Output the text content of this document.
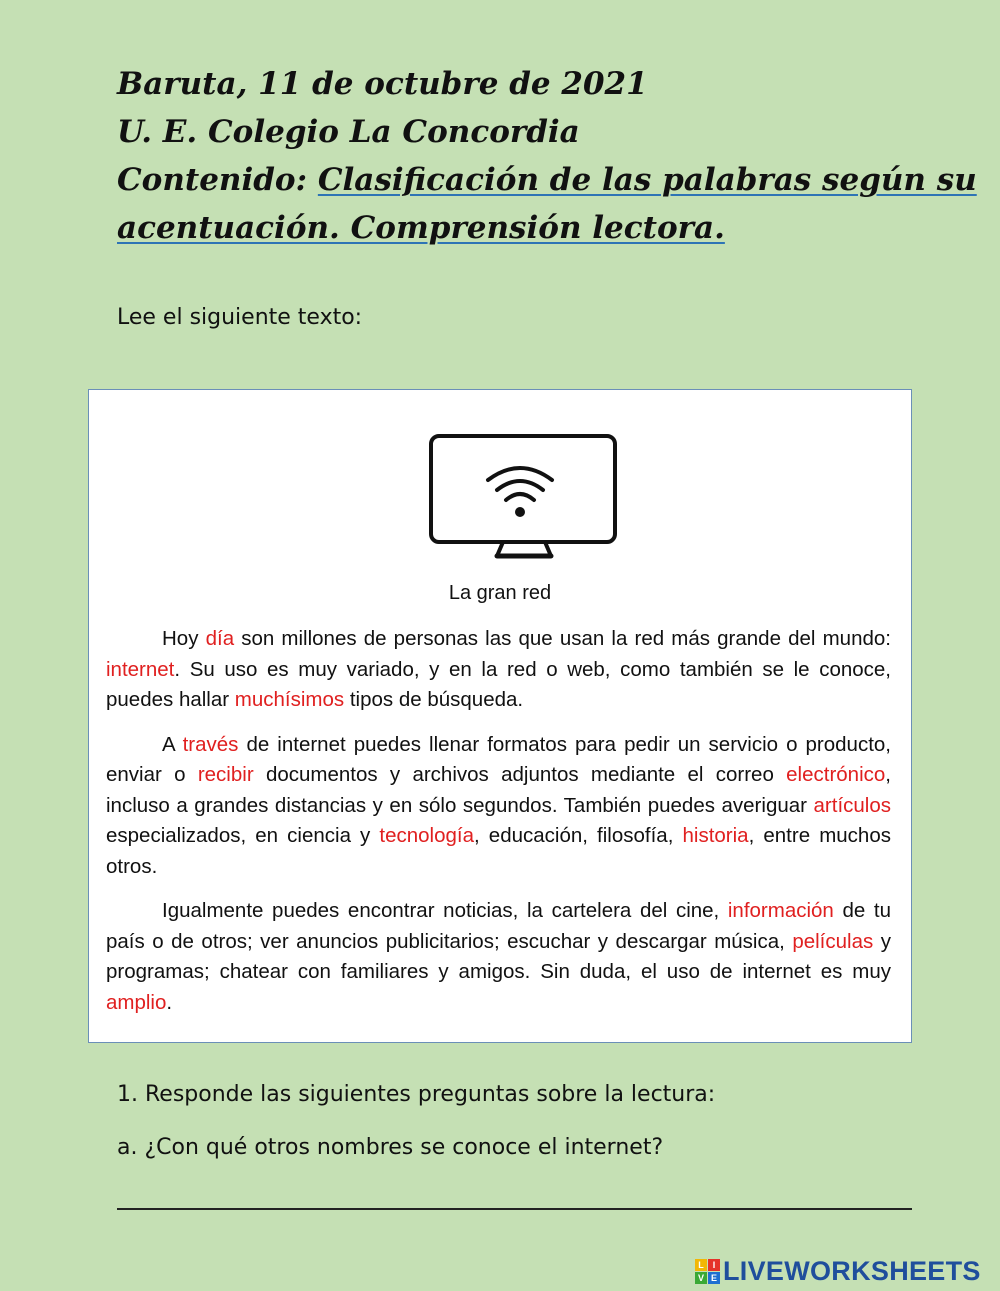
Baruta, 11 de octubre de 2021
U. E. Colegio La Concordia
Contenido: Clasificación de las palabras según su
acentuación. Comprensión lectora.
Lee el siguiente texto:
La gran red

Hoy día son millones de personas las que usan la red más grande del mundo: internet. Su uso es muy variado, y en la red o web, como también se le conoce, puedes hallar muchísimos tipos de búsqueda.

A través de internet puedes llenar formatos para pedir un servicio o producto, enviar o recibir documentos y archivos adjuntos mediante el correo electrónico, incluso a grandes distancias y en sólo segundos. También puedes averiguar artículos especializados, en ciencia y tecnología, educación, filosofía, historia, entre muchos otros.

Igualmente puedes encontrar noticias, la cartelera del cine, información de tu país o de otros; ver anuncios publicitarios; escuchar y descargar música, películas y programas; chatear con familiares y amigos. Sin duda, el uso de internet es muy amplio.

1. Responde las siguientes preguntas sobre la lectura:
a. ¿Con qué otros nombres se conoce el internet?
L I
V E LIVEWORKSHEETS
